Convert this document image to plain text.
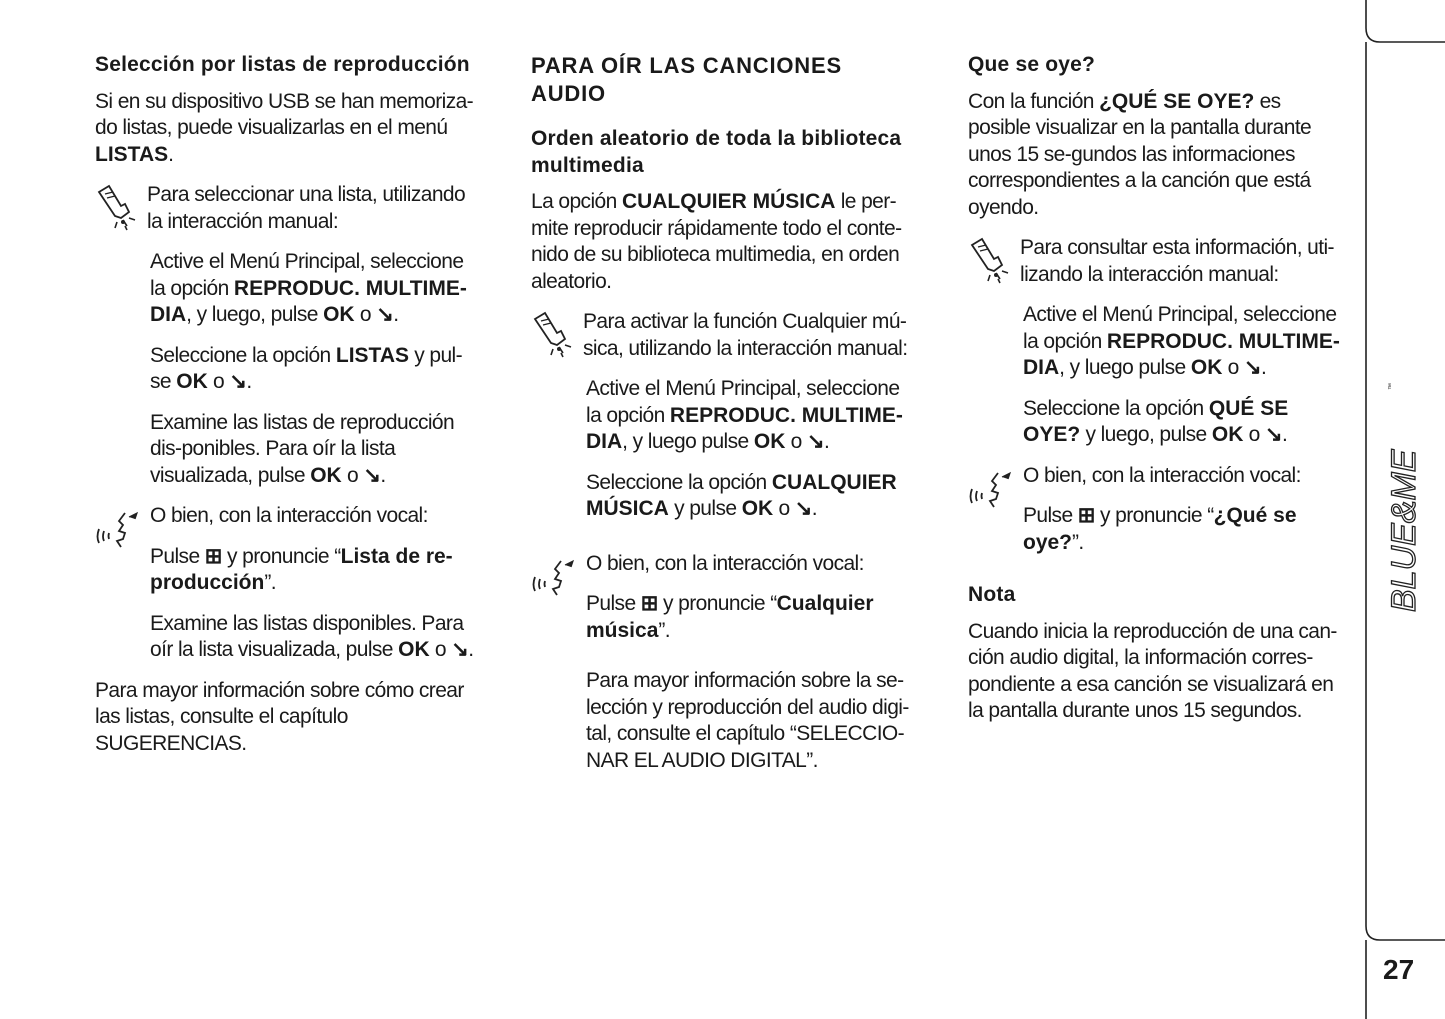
BLUE&ME
™
27

Selección por listas de reproducción

Si en su dispositivo USB se han memoriza-do listas, puede visualizarlas en el menú LISTAS.

Para seleccionar una lista, utilizando la interacción manual:

Active el Menú Principal, seleccione la opción REPRODUC. MULTIME-DIA, y luego, pulse OK o ↘.

Seleccione la opción LISTAS y pul-se OK o ↘.

Examine las listas de reproducción dis-ponibles. Para oír la lista visualizada, pulse OK o ↘.

O bien, con la interacción vocal:

Pulse ⊞ y pronuncie “Lista de re-producción”.

Examine las listas disponibles. Para oír la lista visualizada, pulse OK o ↘.

Para mayor información sobre cómo crear las listas, consulte el capítulo SUGERENCIAS.

PARA OÍR LAS CANCIONES AUDIO

Orden aleatorio de toda la biblioteca multimedia

La opción CUALQUIER MÚSICA le per-mite reproducir rápidamente todo el conte-nido de su biblioteca multimedia, en orden aleatorio.

Para activar la función Cualquier mú-sica, utilizando la interacción manual:

Active el Menú Principal, seleccione la opción REPRODUC. MULTIME-DIA, y luego pulse OK o ↘.

Seleccione la opción CUALQUIER MÚSICA y pulse OK o ↘.

O bien, con la interacción vocal:

Pulse ⊞ y pronuncie “Cualquier música”.

Para mayor información sobre la se-lección y reproducción del audio digi-tal, consulte el capítulo “SELECCIO-NAR EL AUDIO DIGITAL”.

Que se oye?

Con la función ¿QUÉ SE OYE? es posible visualizar en la pantalla durante unos 15 se-gundos las informaciones correspondientes a la canción que está oyendo.

Para consultar esta información, uti-lizando la interacción manual:

Active el Menú Principal, seleccione la opción REPRODUC. MULTIME-DIA, y luego pulse OK o ↘.

Seleccione la opción QUÉ SE OYE? y luego, pulse OK o ↘.

O bien, con la interacción vocal:

Pulse ⊞ y pronuncie “¿Qué se oye?”.

Nota

Cuando inicia la reproducción de una can-ción audio digital, la información corres-pondiente a esa canción se visualizará en la pantalla durante unos 15 segundos.
